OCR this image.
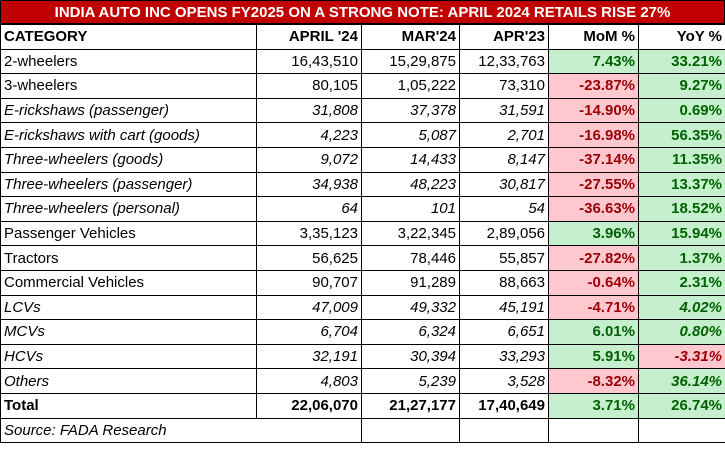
INDIA AUTO INC OPENS FY2025 ON A STRONG NOTE: APRIL 2024 RETAILS RISE 27%
CATEGORY	APRIL '24	MAR'24	APR'23	MoM %	YoY %
2-wheelers	16,43,510	15,29,875	12,33,763	7.43%	33.21%
3-wheelers	80,105	1,05,222	73,310	-23.87%	9.27%
E-rickshaws (passenger)	31,808	37,378	31,591	-14.90%	0.69%
E-rickshaws with cart (goods)	4,223	5,087	2,701	-16.98%	56.35%
Three-wheelers (goods)	9,072	14,433	8,147	-37.14%	11.35%
Three-wheelers (passenger)	34,938	48,223	30,817	-27.55%	13.37%
Three-wheelers (personal)	64	101	54	-36.63%	18.52%
Passenger Vehicles	3,35,123	3,22,345	2,89,056	3.96%	15.94%
Tractors	56,625	78,446	55,857	-27.82%	1.37%
Commercial Vehicles	90,707	91,289	88,663	-0.64%	2.31%
LCVs	47,009	49,332	45,191	-4.71%	4.02%
MCVs	6,704	6,324	6,651	6.01%	0.80%
HCVs	32,191	30,394	33,293	5.91%	-3.31%
Others	4,803	5,239	3,528	-8.32%	36.14%
Total	22,06,070	21,27,177	17,40,649	3.71%	26.74%
Source: FADA Research					
